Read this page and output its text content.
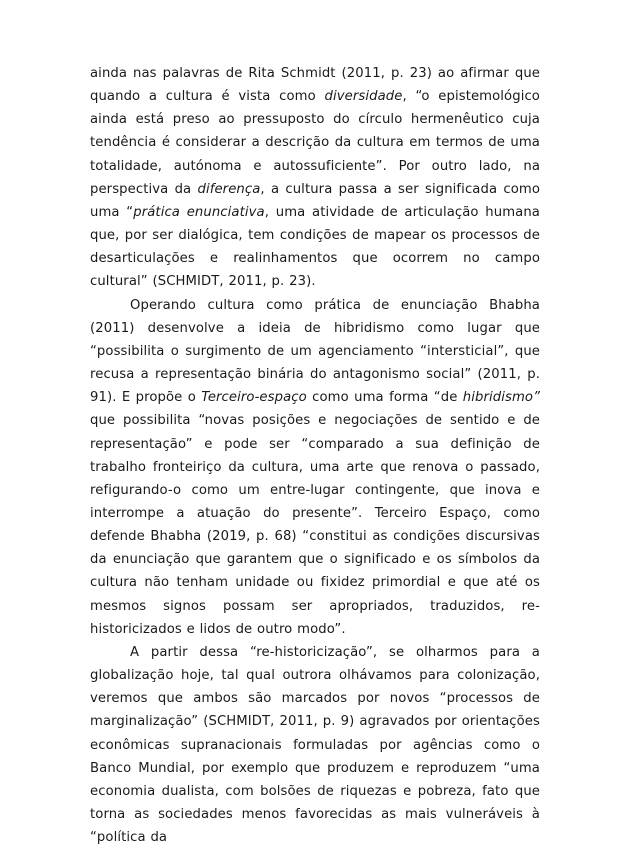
ainda nas palavras de Rita Schmidt (2011, p. 23) ao afirmar que quando a cultura é vista como diversidade, “o epistemológico ainda está preso ao pressuposto do círculo hermenêutico cuja tendência é considerar a descrição da cultura em termos de uma totalidade, autónoma e autossuficiente”. Por outro lado, na perspectiva da diferença, a cultura passa a ser significada como uma “prática enunciativa, uma atividade de articulação humana que, por ser dialógica, tem condições de mapear os processos de desarticulações e realinhamentos que ocorrem no campo cultural” (SCHMIDT, 2011, p. 23).

Operando cultura como prática de enunciação Bhabha (2011) desenvolve a ideia de hibridismo como lugar que “possibilita o surgimento de um agenciamento “intersticial”, que recusa a representação binária do antagonismo social” (2011, p. 91). E propõe o Terceiro-espaço como uma forma “de hibridismo” que possibilita “novas posições e negociações de sentido e de representação” e pode ser “comparado a sua definição de trabalho fronteiriço da cultura, uma arte que renova o passado, refigurando-o como um entre-lugar contingente, que inova e interrompe a atuação do presente”. Terceiro Espaço, como defende Bhabha (2019, p. 68) “constitui as condições discursivas da enunciação que garantem que o significado e os símbolos da cultura não tenham unidade ou fixidez primordial e que até os mesmos signos possam ser apropriados, traduzidos, re-historicizados e lidos de outro modo”.

A partir dessa “re-historicização”, se olharmos para a globalização hoje, tal qual outrora olhávamos para colonização, veremos que ambos são marcados por novos “processos de marginalização” (SCHMIDT, 2011, p. 9) agravados por orientações econômicas supranacionais formuladas por agências como o Banco Mundial, por exemplo que produzem e reproduzem “uma economia dualista, com bolsões de riquezas e pobreza, fato que torna as sociedades menos favorecidas as mais vulneráveis à “política da
